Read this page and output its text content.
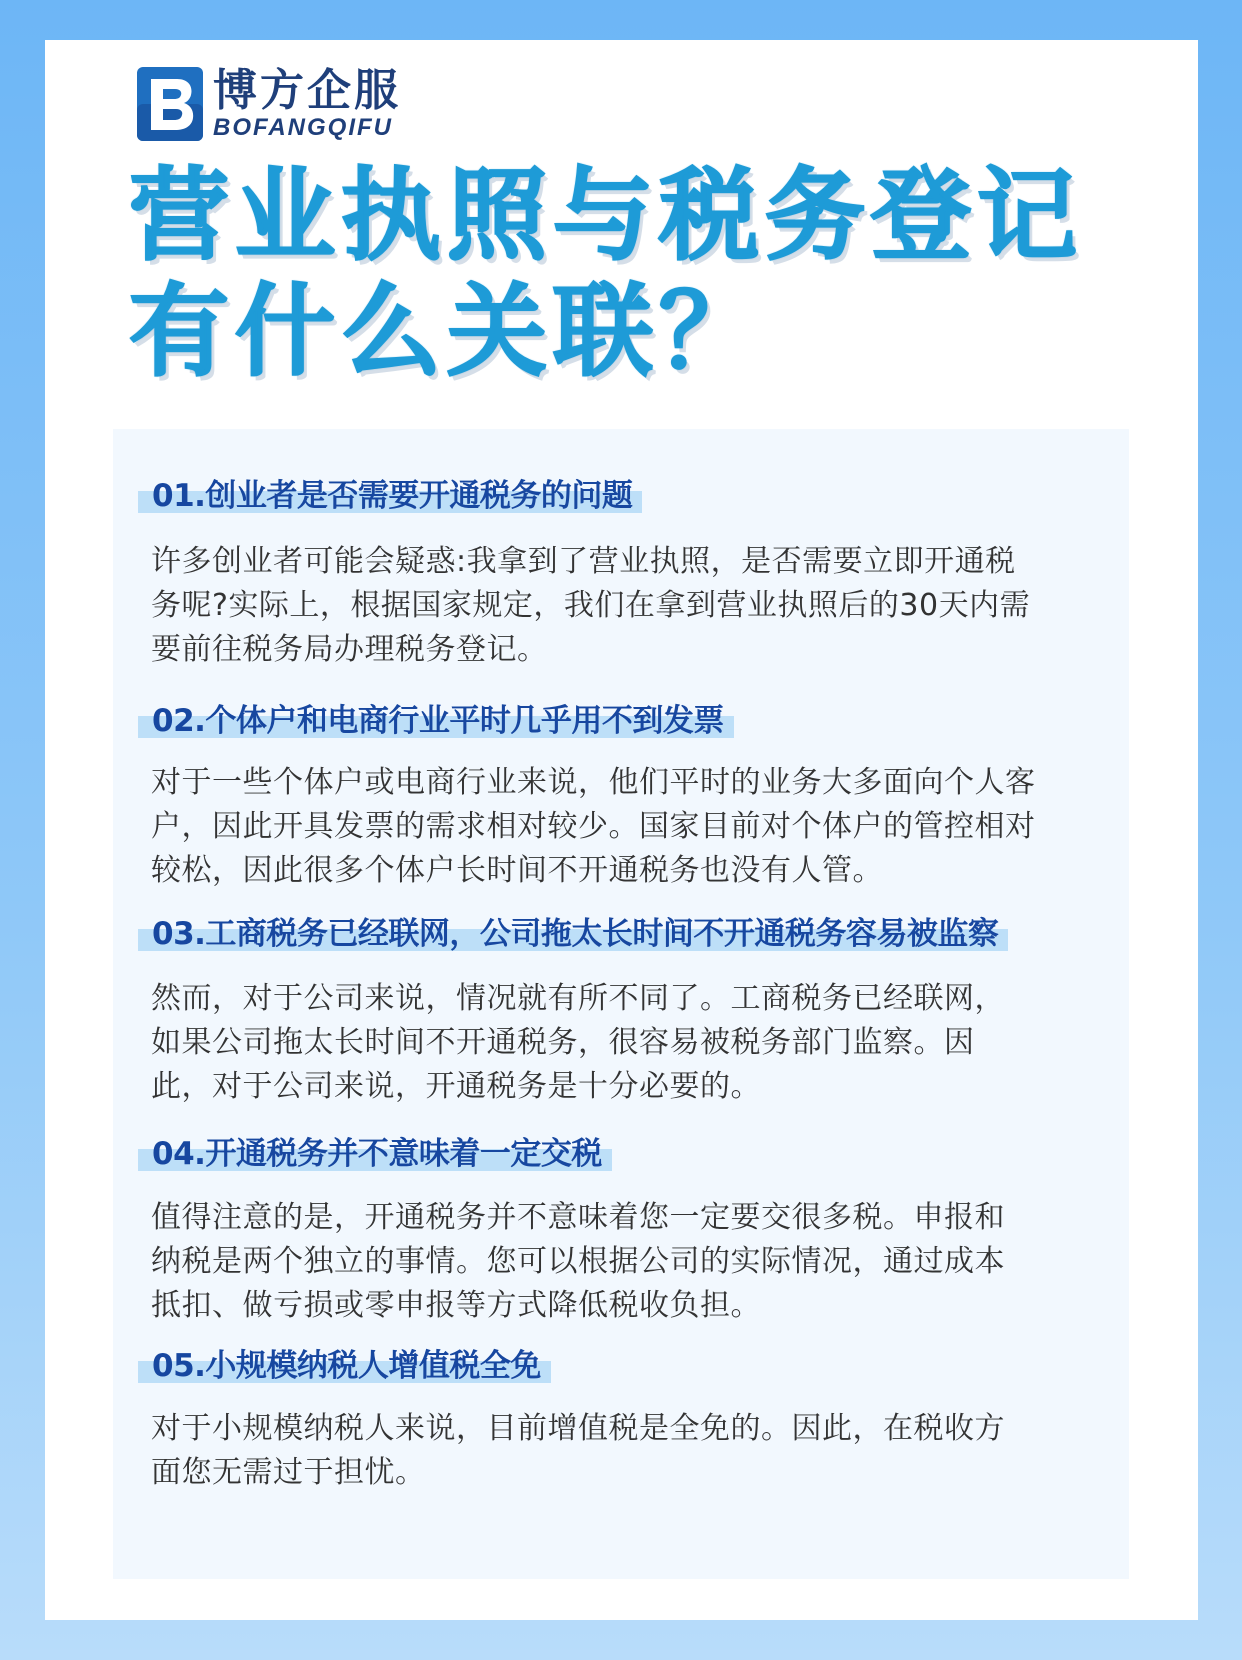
博方企服
BOFANGQIFU
营业执照与税务登记
有什么关联？
01.创业者是否需要开通税务的问题
许多创业者可能会疑惑:我拿到了营业执照，是否需要立即开通税
务呢?实际上，根据国家规定，我们在拿到营业执照后的30天内需
要前往税务局办理税务登记。
02.个体户和电商行业平时几乎用不到发票
对于一些个体户或电商行业来说，他们平时的业务大多面向个人客
户，因此开具发票的需求相对较少。国家目前对个体户的管控相对
较松，因此很多个体户长时间不开通税务也没有人管。
03.工商税务已经联网，公司拖太长时间不开通税务容易被监察
然而，对于公司来说，情况就有所不同了。工商税务已经联网，
如果公司拖太长时间不开通税务，很容易被税务部门监察。因
此，对于公司来说，开通税务是十分必要的。
04.开通税务并不意味着一定交税
值得注意的是，开通税务并不意味着您一定要交很多税。申报和
纳税是两个独立的事情。您可以根据公司的实际情况，通过成本
抵扣、做亏损或零申报等方式降低税收负担。
05.小规模纳税人增值税全免
对于小规模纳税人来说，目前增值税是全免的。因此，在税收方
面您无需过于担忧。
